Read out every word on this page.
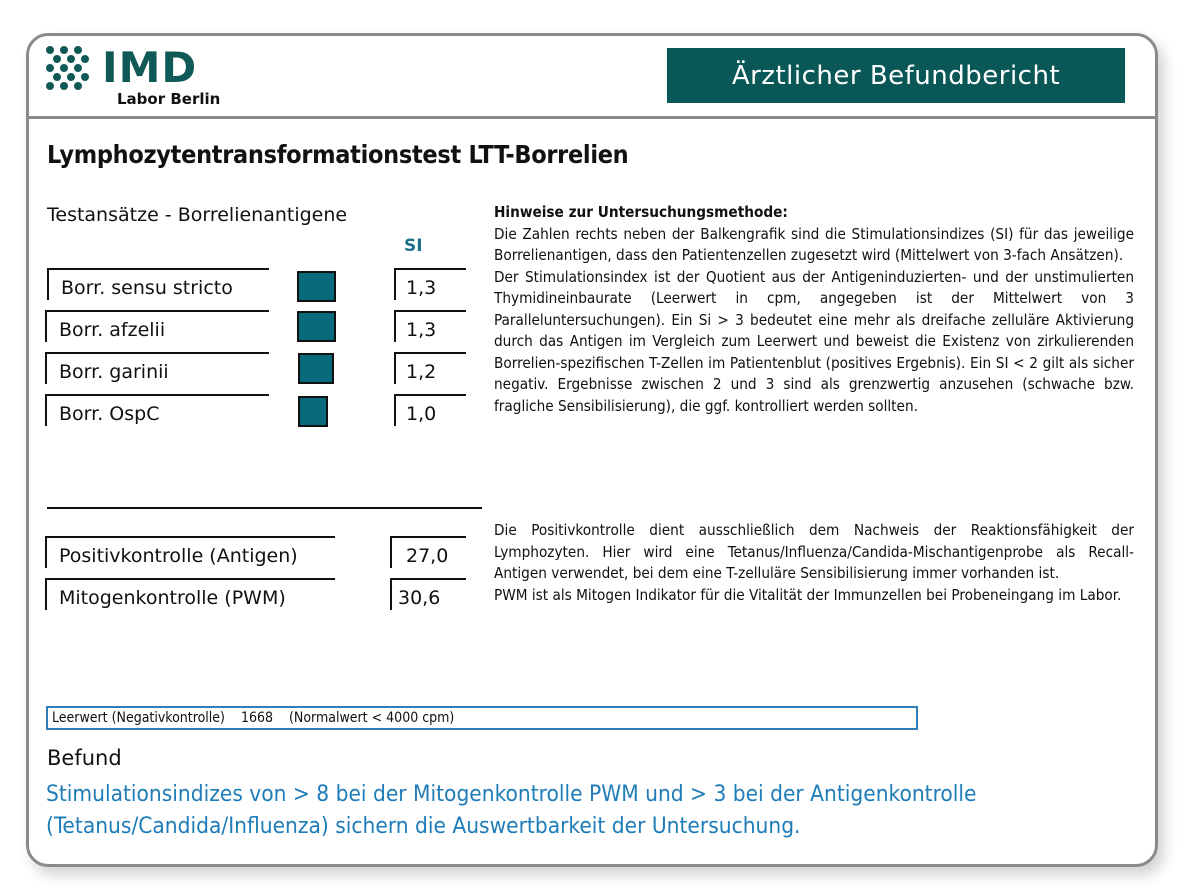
IMD
Labor Berlin
Ärztlicher Befundbericht
Lymphozytentransformationstest LTT-Borrelien
Testansätze - Borrelienantigene
SI
Borr. sensu stricto	1,3
Borr. afzelii	1,3
Borr. garinii	1,2
Borr. OspC	1,0
Positivkontrolle (Antigen)	27,0
Mitogenkontrolle (PWM)	30,6

Hinweise zur Untersuchungsmethode:

Die Zahlen rechts neben der Balkengrafik sind die Stimulationsindizes (SI) für das jeweilige Borrelienantigen, dass den Patientenzellen zugesetzt wird (Mittelwert von 3-fach Ansätzen).

Der Stimulationsindex ist der Quotient aus der Antigeninduzierten- und der unstimulierten Thymidineinbaurate (Leerwert in cpm, angegeben ist der Mittelwert von 3 Paralleluntersuchungen). Ein Si > 3 bedeutet eine mehr als dreifache zelluläre Aktivierung durch das Antigen im Vergleich zum Leerwert und beweist die Existenz von zirkulierenden Borrelien-spezifischen T-Zellen im Patientenblut (positives Ergebnis). Ein SI < 2 gilt als sicher negativ. Ergebnisse zwischen 2 und 3 sind als grenzwertig anzusehen (schwache bzw. fragliche Sensibilisierung), die ggf. kontrolliert werden sollten.

Die Positivkontrolle dient ausschließlich dem Nachweis der Reaktionsfähigkeit der Lymphozyten. Hier wird eine Tetanus/Influenza/Candida-Mischantigenprobe als Recall-Antigen verwendet, bei dem eine T-zelluläre Sensibilisierung immer vorhanden ist.

PWM ist als Mitogen Indikator für die Vitalität der Immunzellen bei Probeneingang im Labor.

Leerwert (Negativkontrolle)    1668    (Normalwert < 4000 cpm)
Befund
Stimulationsindizes von > 8 bei der Mitogenkontrolle PWM und > 3 bei der Antigenkontrolle (Tetanus/Candida/Influenza) sichern die Auswertbarkeit der Untersuchung.
